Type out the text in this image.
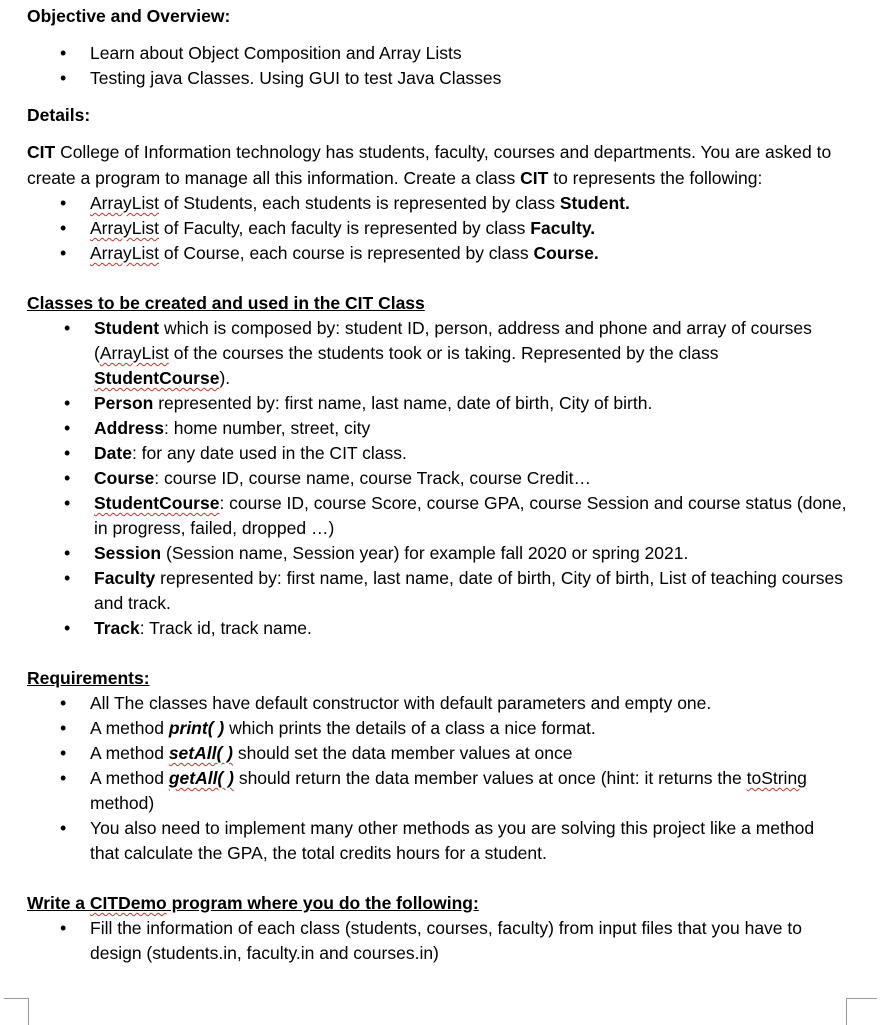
Objective and Overview:

• Learn about Object Composition and Array Lists
• Testing java Classes. Using GUI to test Java Classes

Details:

CIT College of Information technology has students, faculty, courses and departments. You are asked to create a program to manage all this information. Create a class CIT to represents the following:

• ArrayList of Students, each students is represented by class Student.
• ArrayList of Faculty, each faculty is represented by class Faculty.
• ArrayList of Course, each course is represented by class Course.

Classes to be created and used in the CIT Class

• Student which is composed by: student ID, person, address and phone and array of courses (ArrayList of the courses the students took or is taking. Represented by the class StudentCourse).
• Person represented by: first name, last name, date of birth, City of birth.
• Address: home number, street, city
• Date: for any date used in the CIT class.
• Course: course ID, course name, course Track, course Credit…
• StudentCourse: course ID, course Score, course GPA, course Session and course status (done, in progress, failed, dropped …)
• Session (Session name, Session year) for example fall 2020 or spring 2021.
• Faculty represented by: first name, last name, date of birth, City of birth, List of teaching courses and track.
• Track: Track id, track name.

Requirements:

• All The classes have default constructor with default parameters and empty one.
• A method print( ) which prints the details of a class a nice format.
• A method setAll( ) should set the data member values at once
• A method getAll( ) should return the data member values at once (hint: it returns the toString method)
• You also need to implement many other methods as you are solving this project like a method that calculate the GPA, the total credits hours for a student.

Write a CITDemo program where you do the following:

• Fill the information of each class (students, courses, faculty) from input files that you have to design (students.in, faculty.in and courses.in)
